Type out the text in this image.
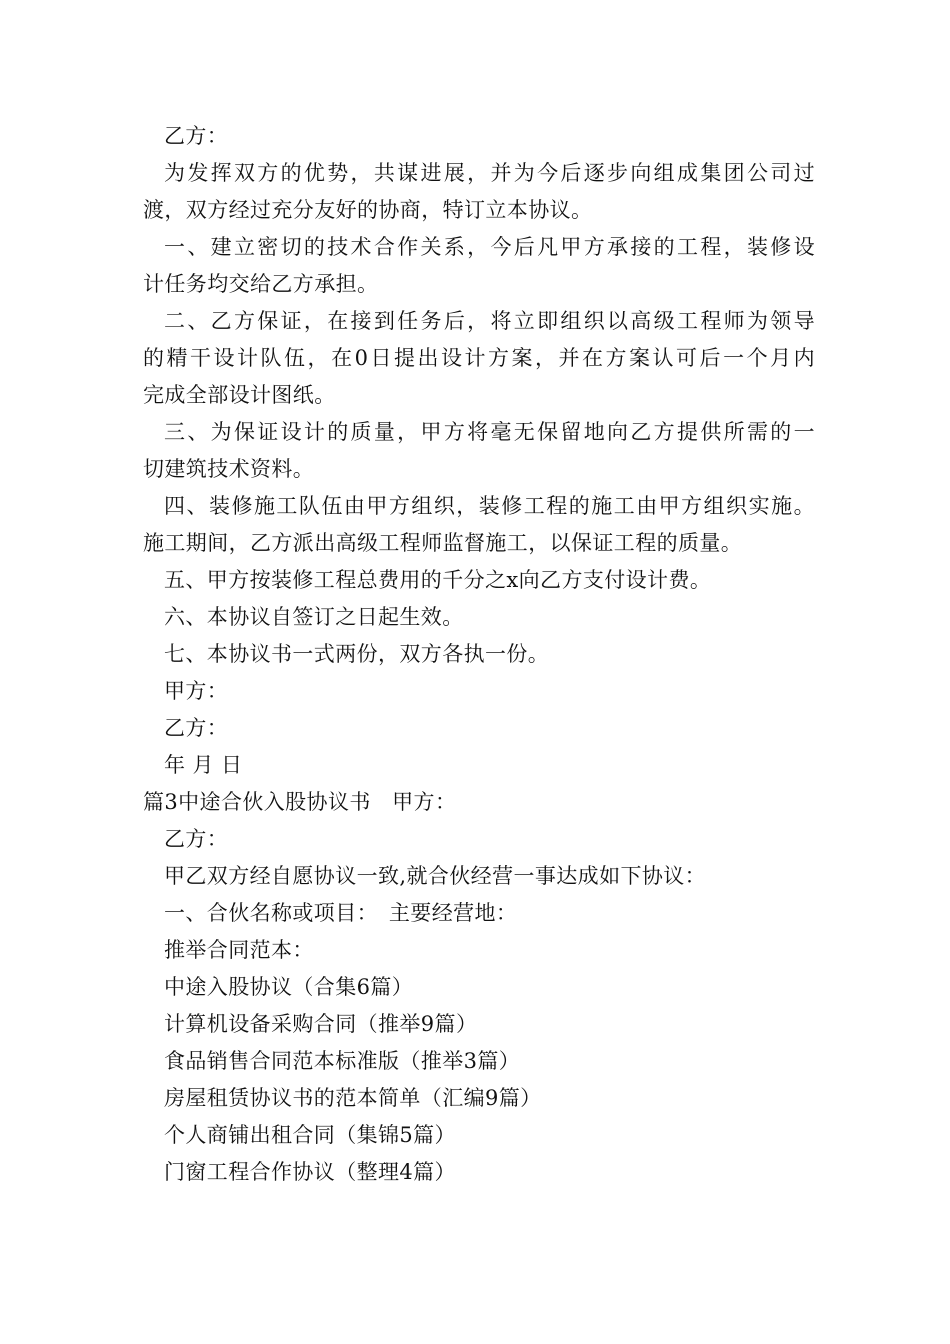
乙方：
为发挥双方的优势，共谋进展，并为今后逐步向组成集团公司过
渡，双方经过充分友好的协商，特订立本协议。
一、建立密切的技术合作关系，今后凡甲方承接的工程，装修设
计任务均交给乙方承担。
二、乙方保证，在接到任务后，将立即组织以高级工程师为领导
的精干设计队伍，在0日提出设计方案，并在方案认可后一个月内
完成全部设计图纸。
三、为保证设计的质量，甲方将毫无保留地向乙方提供所需的一
切建筑技术资料。
四、装修施工队伍由甲方组织，装修工程的施工由甲方组织实施。
施工期间，乙方派出高级工程师监督施工，以保证工程的质量。
五、甲方按装修工程总费用的千分之x向乙方支付设计费。
六、本协议自签订之日起生效。
七、本协议书一式两份，双方各执一份。
甲方：
乙方：
年 月 日
篇3中途合伙入股协议书　甲方：
乙方：
甲乙双方经自愿协议一致,就合伙经营一事达成如下协议：
一、合伙名称或项目：　主要经营地：
推举合同范本：
中途入股协议（合集6篇）
计算机设备采购合同（推举9篇）
食品销售合同范本标准版（推举3篇）
房屋租赁协议书的范本简单（汇编9篇）
个人商铺出租合同（集锦5篇）
门窗工程合作协议（整理4篇）
